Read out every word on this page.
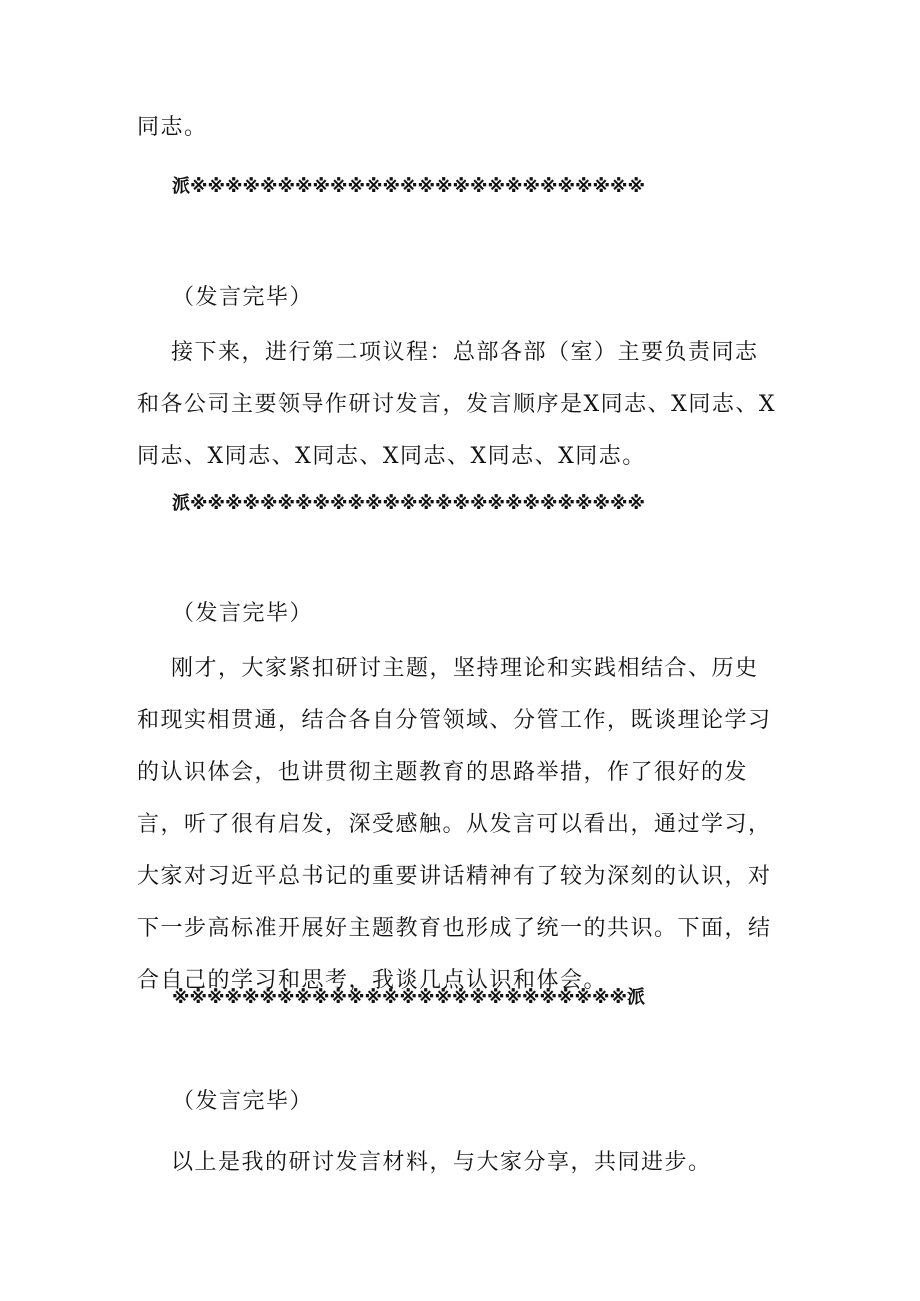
同志。

派※※※※※※※※※※※※※※※※※※※※※※※※※※

（发言完毕）

接下来，进行第二项议程：总部各部（室）主要负责同志和各公司主要领导作研讨发言，发言顺序是X同志、X同志、X同志、X同志、X同志、X同志、X同志、X同志。

派※※※※※※※※※※※※※※※※※※※※※※※※※※

（发言完毕）

刚才，大家紧扣研讨主题，坚持理论和实践相结合、历史和现实相贯通，结合各自分管领域、分管工作，既谈理论学习的认识体会，也讲贯彻主题教育的思路举措，作了很好的发言，听了很有启发，深受感触。从发言可以看出，通过学习，大家对习近平总书记的重要讲话精神有了较为深刻的认识，对下一步高标准开展好主题教育也形成了统一的共识。下面，结合自己的学习和思考，我谈几点认识和体会。

※※※※※※※※※※※※※※※※※※※※※※※※※※派

（发言完毕）

以上是我的研讨发言材料，与大家分享，共同进步。
